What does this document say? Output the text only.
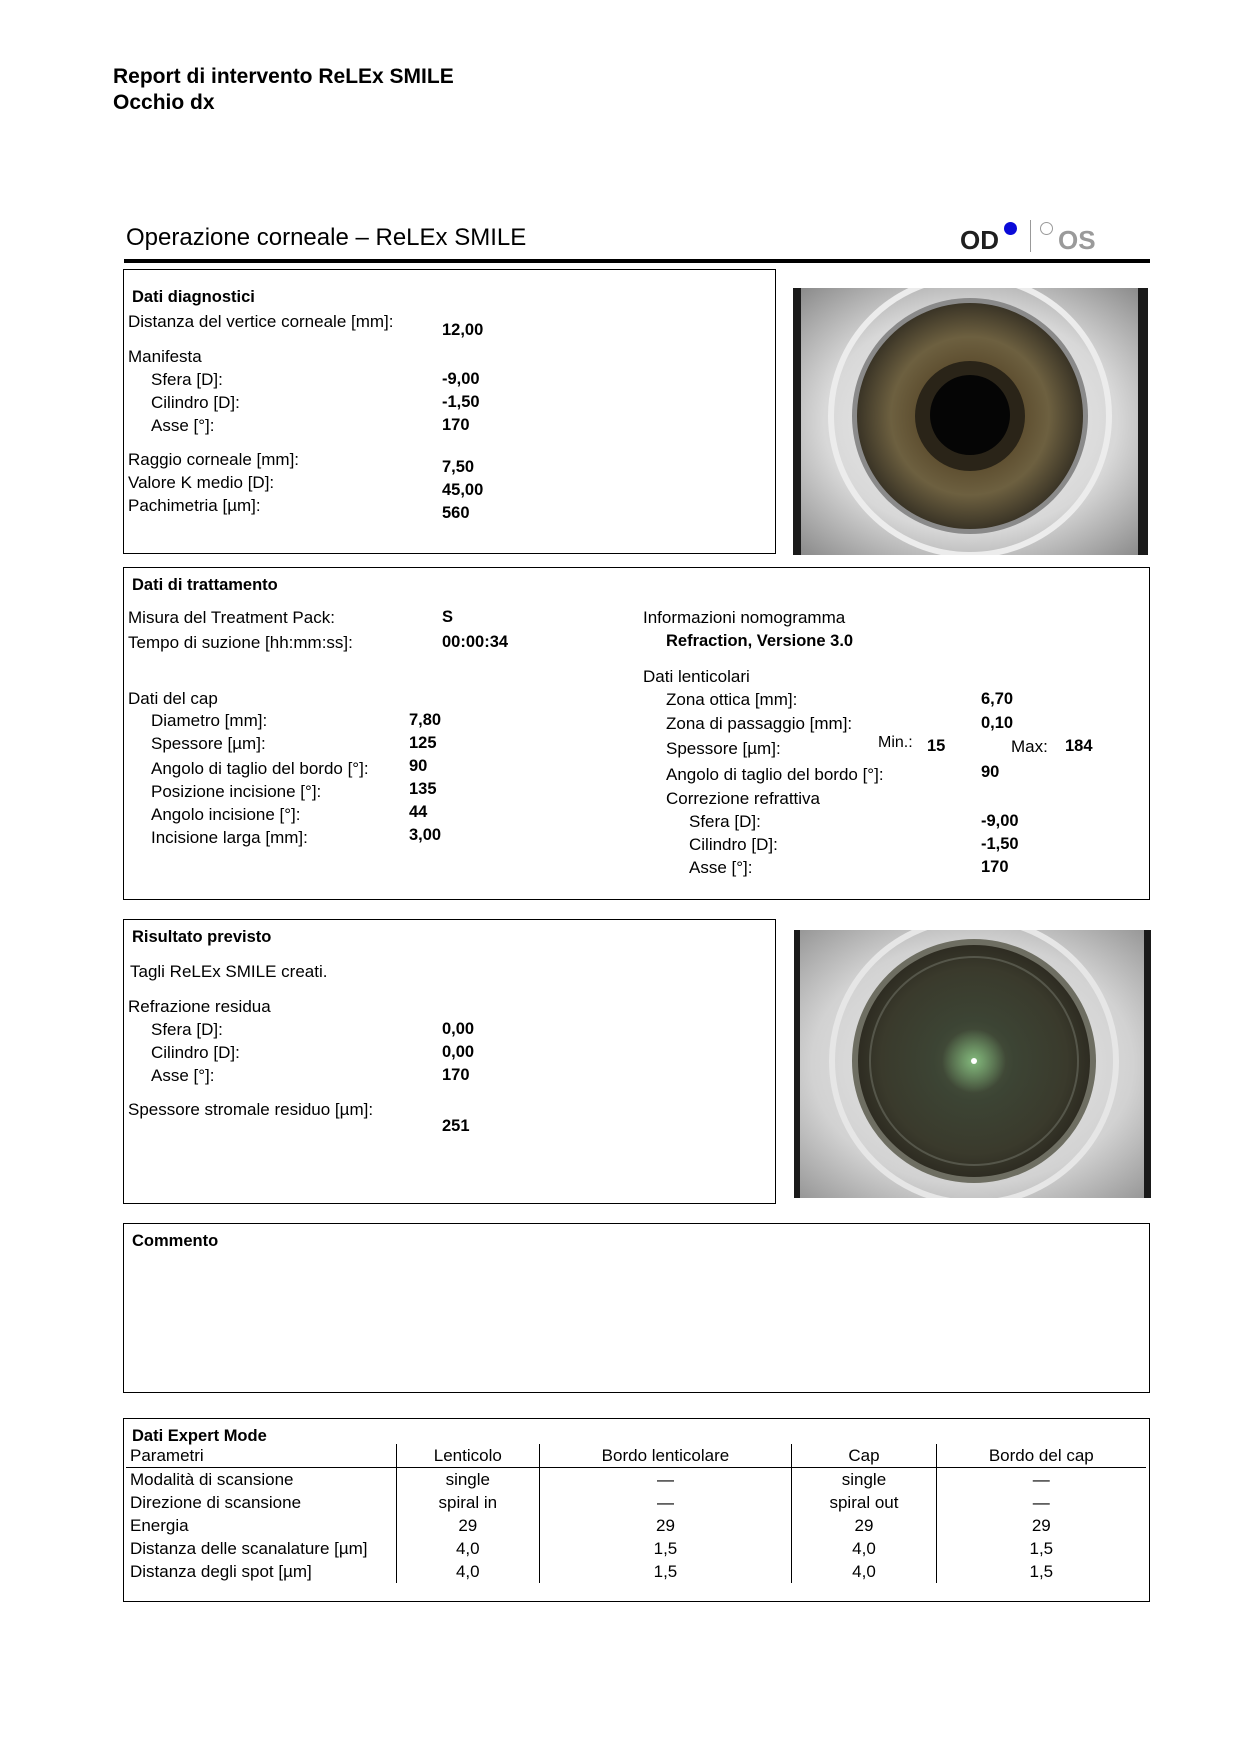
Report di intervento ReLEx SMILE
Occhio dx
Operazione corneale – ReLEx SMILE	OD OS
Dati diagnostici
Distanza del vertice corneale [mm]:	12,00
Manifesta
Sfera [D]:	-9,00
Cilindro [D]:	-1,50
Asse [°]:	170
Raggio corneale [mm]:	7,50
Valore K medio [D]:	45,00
Pachimetria [µm]:	560
Dati di trattamento
Misura del Treatment Pack:	S
Tempo di suzione [hh:mm:ss]:	00:00:34
Dati del cap
Diametro [mm]:	7,80
Spessore [µm]:	125
Angolo di taglio del bordo [°]: 90
Posizione incisione [°]:	135
Angolo incisione [°]:	44
Incisione larga [mm]:	3,00
Informazioni nomogramma
Refraction, Versione 3.0
Dati lenticolari
Zona ottica [mm]:	6,70
Zona di passaggio [mm]:	0,10
Spessore [µm]:	Min.: 15	Max: 184
Angolo di taglio del bordo [°]:	90
Correzione refrattiva
Sfera [D]:	-9,00
Cilindro [D]:	-1,50
Asse [°]:	170
Risultato previsto
Tagli ReLEx SMILE creati.
Refrazione residua
Sfera [D]:	0,00
Cilindro [D]:	0,00
Asse [°]:	170
Spessore stromale residuo [µm]:
251
Commento
Dati Expert Mode
Parametri	Lenticolo	Bordo lenticolare	Cap	Bordo del cap
Modalità di scansione	single	—	single	—
Direzione di scansione	spiral in	—	spiral out	—
Energia	29	29	29	29
Distanza delle scanalature [µm]	4,0	1,5	4,0	1,5
Distanza degli spot [µm]	4,0	1,5	4,0	1,5
